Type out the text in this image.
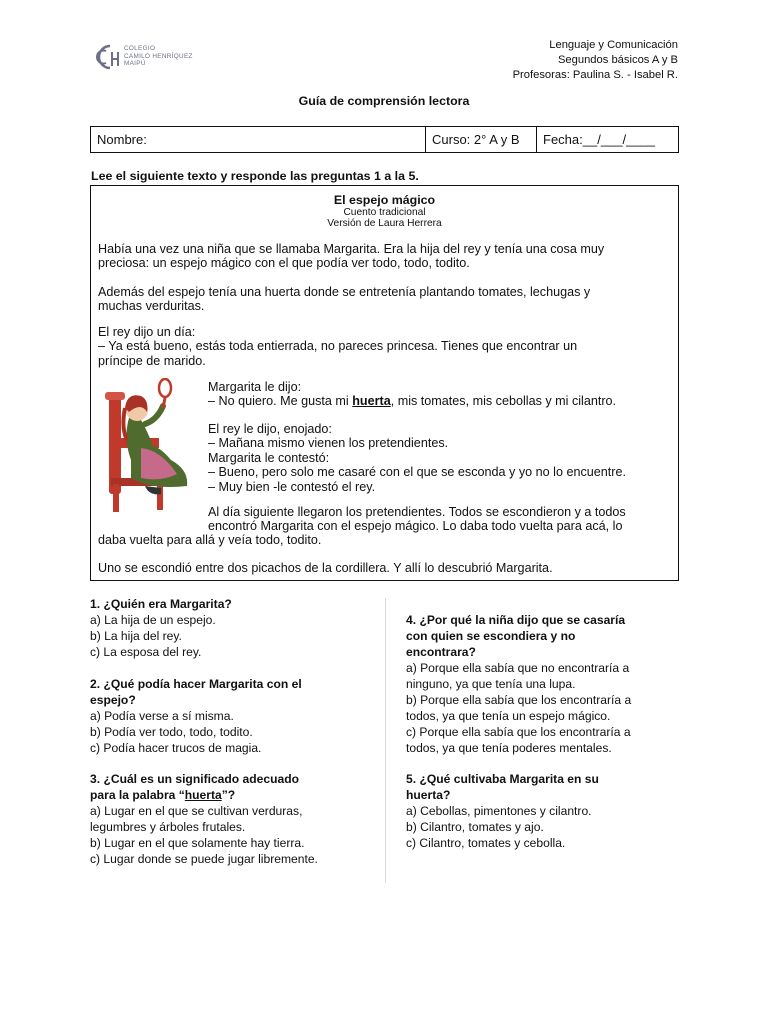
COLEGIO
CAMILO HENRÍQUEZ
MAIPÚ
Lenguaje y Comunicación
Segundos básicos A y B
Profesoras: Paulina S. - Isabel R.
Guía de comprensión lectora
Nombre:	Curso: 2° A y B	Fecha:__/___/____
Lee el siguiente texto y responde las preguntas 1 a la 5.
El espejo mágico
Cuento tradicional
Versión de Laura Herrera
Había una vez una niña que se llamaba Margarita. Era la hija del rey y tenía una cosa muy
preciosa: un espejo mágico con el que podía ver todo, todo, todito.
Además del espejo tenía una huerta donde se entretenía plantando tomates, lechugas y
muchas verduritas.
El rey dijo un día:
– Ya está bueno, estás toda entierrada, no pareces princesa. Tienes que encontrar un
príncipe de marido.
Margarita le dijo:
– No quiero. Me gusta mi huerta, mis tomates, mis cebollas y mi cilantro.
El rey le dijo, enojado:
– Mañana mismo vienen los pretendientes.
Margarita le contestó:
– Bueno, pero solo me casaré con el que se esconda y yo no lo encuentre.
– Muy bien -le contestó el rey.
Al día siguiente llegaron los pretendientes. Todos se escondieron y a todos
encontró Margarita con el espejo mágico. Lo daba todo vuelta para acá, lo
daba vuelta para allá y veía todo, todito.
Uno se escondió entre dos picachos de la cordillera. Y allí lo descubrió Margarita.
1. ¿Quién era Margarita?
a) La hija de un espejo.
b) La hija del rey.
c) La esposa del rey.
2. ¿Qué podía hacer Margarita con el
espejo?
a) Podía verse a sí misma.
b) Podía ver todo, todo, todito.
c) Podía hacer trucos de magia.
3. ¿Cuál es un significado adecuado
para la palabra “huerta”?
a) Lugar en el que se cultivan verduras,
legumbres y árboles frutales.
b) Lugar en el que solamente hay tierra.
c) Lugar donde se puede jugar libremente.
4. ¿Por qué la niña dijo que se casaría
con quien se escondiera y no
encontrara?
a) Porque ella sabía que no encontraría a
ninguno, ya que tenía una lupa.
b) Porque ella sabía que los encontraría a
todos, ya que tenía un espejo mágico.
c) Porque ella sabía que los encontraría a
todos, ya que tenía poderes mentales.
5. ¿Qué cultivaba Margarita en su
huerta?
a) Cebollas, pimentones y cilantro.
b) Cilantro, tomates y ajo.
c) Cilantro, tomates y cebolla.
